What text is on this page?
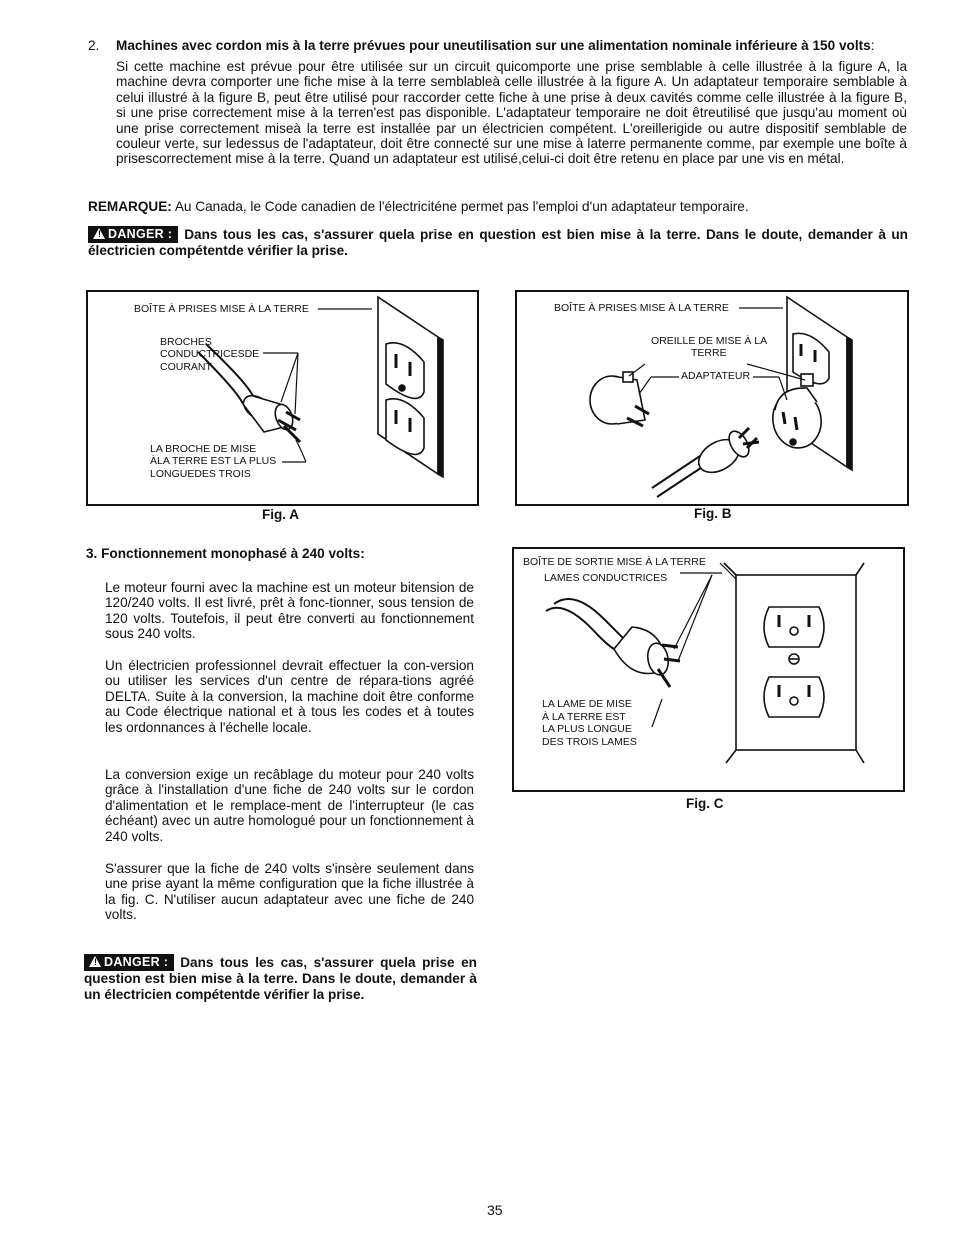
2. Machines avec cordon mis à la terre prévues pour uneutilisation sur une alimentation nominale inférieure à 150 volts:
Si cette machine est prévue pour être utilisée sur un circuit quicomporte une prise semblable à celle illustrée à la figure A, la machine devra comporter une fiche mise à la terre semblableà celle illustrée à la figure A. Un adaptateur temporaire semblable à celui illustré à la figure B, peut être utilisé pour raccorder cette fiche à une prise à deux cavités comme celle illustrée à la figure B, si une prise correctement mise à la terren'est pas disponible. L'adaptateur temporaire ne doit êtreutilisé que jusqu'au moment où une prise correctement miseà la terre est installée par un électricien compétent. L'oreillerigide ou autre dispositif semblable de couleur verte, sur ledessus de l'adaptateur, doit être connecté sur une mise à laterre permanente comme, par exemple une boîte à prisescorrectement mise à la terre. Quand un adaptateur est utilisé,celui-ci doit être retenu en place par une vis en métal.
REMARQUE: Au Canada, le Code canadien de l'électriciténe permet pas l'emploi d'un adaptateur temporaire.
! DANGER : Dans tous les cas, s'assurer quela prise en question est bien mise à la terre. Dans le doute, demander à un électricien compétentde vérifier la prise.
BOÎTE À PRISES MISE À LA TERRE
BROCHES
CONDUCTRICESDE
COURANT
LA BROCHE DE MISE
ÀLA TERRE EST LA PLUS
LONGUEDES TROIS
Fig. A
BOÎTE À PRISES MISE À LA TERRE
OREILLE DE MISE À LA
TERRE
ADAPTATEUR
Fig. B
3. Fonctionnement monophasé à 240 volts:
Le moteur fourni avec la machine est un moteur bitension de 120/240 volts. Il est livré, prêt à fonc-tionner, sous tension de 120 volts. Toutefois, il peut être converti au fonctionnement sous 240 volts.
Un électricien professionnel devrait effectuer la con-version ou utiliser les services d'un centre de répara-tions agréé DELTA. Suite à la conversion, la machine doit être conforme au Code électrique national et à tous les codes et à toutes les ordonnances à l'échelle locale.
La conversion exige un recâblage du moteur pour 240 volts grâce à l'installation d'une fiche de 240 volts sur le cordon d'alimentation et le remplace-ment de l'interrupteur (le cas échéant) avec un autre homologué pour un fonctionnement à 240 volts.
S'assurer que la fiche de 240 volts s'insère seulement dans une prise ayant la même configuration que la fiche illustrée à la fig. C. N'utiliser aucun adaptateur avec une fiche de 240 volts.
! DANGER : Dans tous les cas, s'assurer quela prise en question est bien mise à la terre. Dans le doute, demander à un électricien compétentde vérifier la prise.
BOÎTE DE SORTIE MISE À LA TERRE
LAMES CONDUCTRICES
LA LAME DE MISE
À LA TERRE EST
LA PLUS LONGUE
DES TROIS LAMES
Fig. C
35
